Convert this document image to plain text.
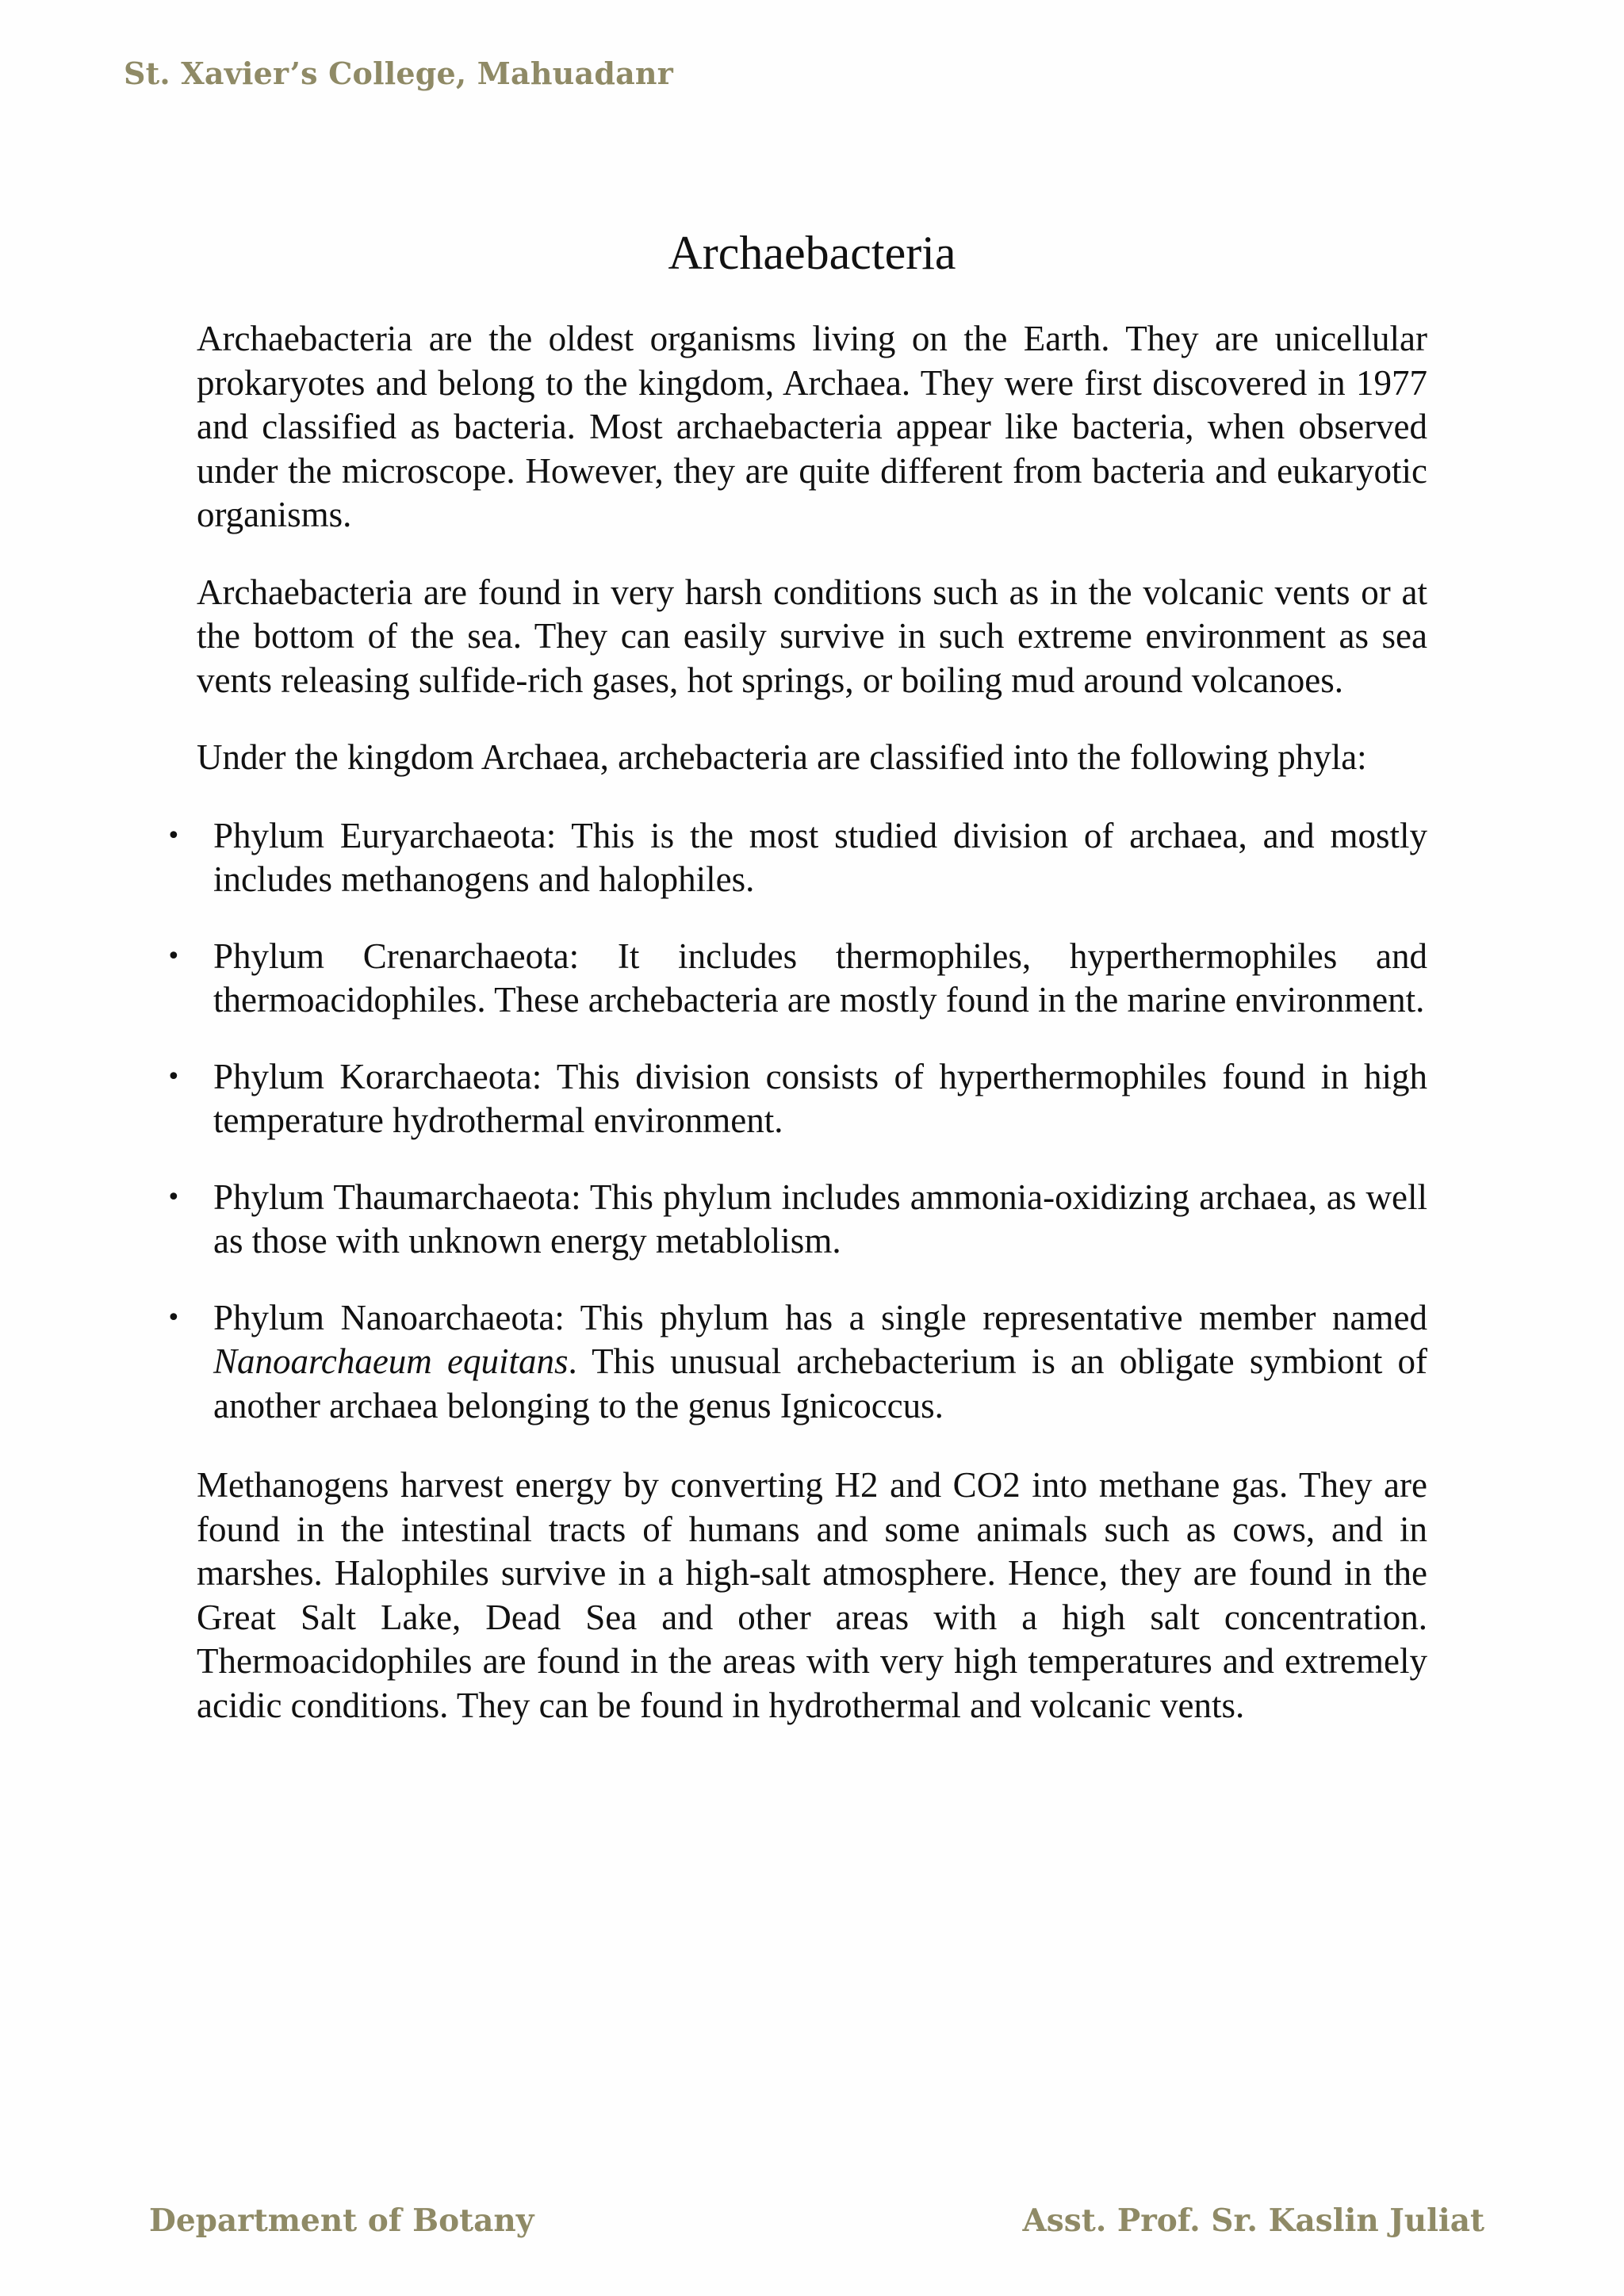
St. Xavier’s College, Mahuadanr
Archaebacteria

Archaebacteria are the oldest organisms living on the Earth. They are unicellular prokaryotes and belong to the kingdom, Archaea. They were first discovered in 1977 and classified as bacteria. Most archaebacteria appear like bacteria, when observed under the microscope. However, they are quite different from bacteria and eukaryotic organisms.

Archaebacteria are found in very harsh conditions such as in the volcanic vents or at the bottom of the sea. They can easily survive in such extreme environment as sea vents releasing sulfide-rich gases, hot springs, or boiling mud around volcanoes.

Under the kingdom Archaea, archebacteria are classified into the following phyla:

• Phylum Euryarchaeota: This is the most studied division of archaea, and mostly includes methanogens and halophiles.
• Phylum Crenarchaeota: It includes thermophiles, hyperthermophiles and thermoacidophiles. These archebacteria are mostly found in the marine environment.
• Phylum Korarchaeota: This division consists of hyperthermophiles found in high temperature hydrothermal environment.
• Phylum Thaumarchaeota: This phylum includes ammonia-oxidizing archaea, as well as those with unknown energy metablolism.
• Phylum Nanoarchaeota: This phylum has a single representative member named Nanoarchaeum equitans. This unusual archebacterium is an obligate symbiont of another archaea belonging to the genus Ignicoccus.

Methanogens harvest energy by converting H2 and CO2 into methane gas. They are found in the intestinal tracts of humans and some animals such as cows, and in marshes. Halophiles survive in a high-salt atmosphere. Hence, they are found in the Great Salt Lake, Dead Sea and other areas with a high salt concentration. Thermoacidophiles are found in the areas with very high temperatures and extremely acidic conditions. They can be found in hydrothermal and volcanic vents.

Department of Botany	Asst. Prof. Sr. Kaslin Juliat
